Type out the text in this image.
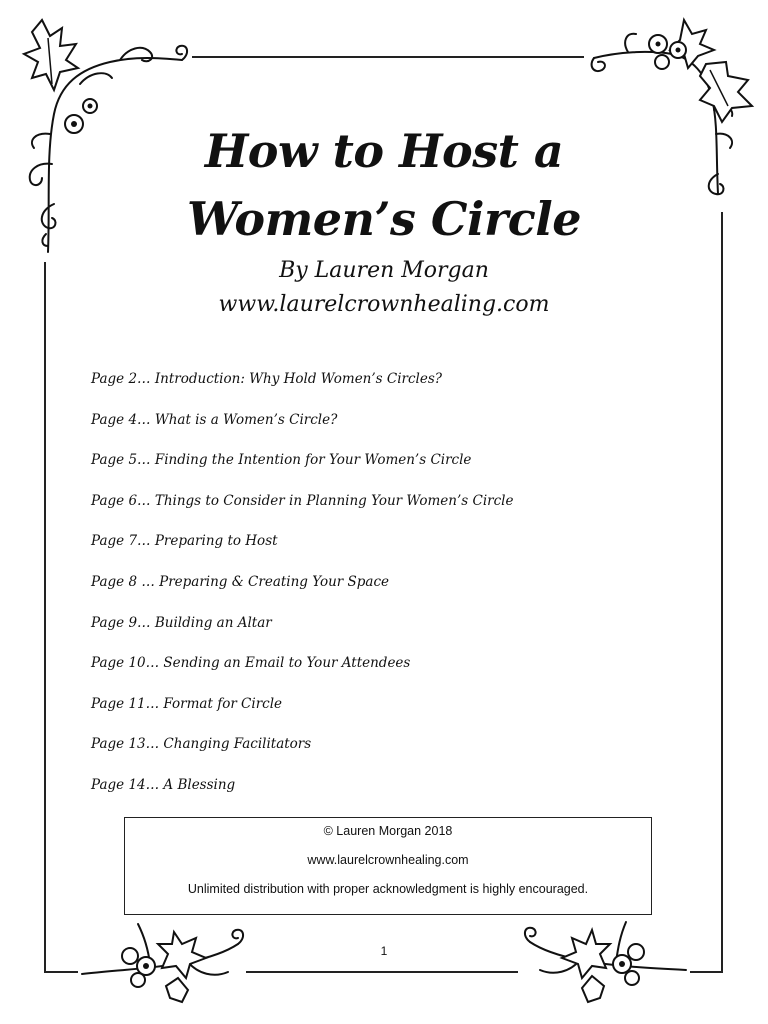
How to Host a
Women’s Circle
By Lauren Morgan
www.laurelcrownhealing.com
Page 2… Introduction: Why Hold Women’s Circles?
Page 4… What is a Women’s Circle?
Page 5… Finding the Intention for Your Women’s Circle
Page 6… Things to Consider in Planning Your Women’s Circle
Page 7… Preparing to Host
Page 8 … Preparing & Creating Your Space
Page 9… Building an Altar
Page 10… Sending an Email to Your Attendees
Page 11… Format for Circle
Page 13… Changing Facilitators
Page 14… A Blessing
© Lauren Morgan 2018
www.laurelcrownhealing.com
Unlimited distribution with proper acknowledgment is highly encouraged.
1
